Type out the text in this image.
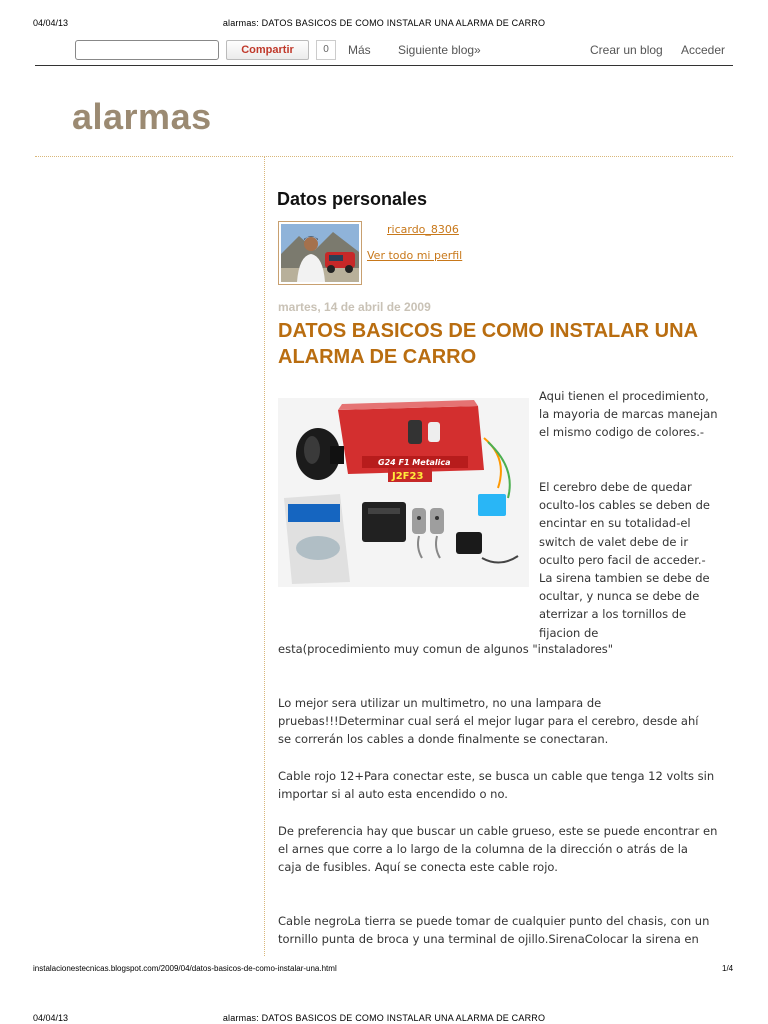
04/04/13	alarmas: DATOS BASICOS DE COMO INSTALAR UNA ALARMA DE CARRO
Compartir	0	Más Siguiente blog»	Crear un blog Acceder
alarmas
Datos personales
ricardo_8306
Ver todo mi perfil
martes, 14 de abril de 2009
DATOS BASICOS DE COMO INSTALAR UNA ALARMA DE CARRO
G24 F1 Metalica
J2F23
Aqui tienen el procedimiento,
la mayoria de marcas manejan
el mismo codigo de colores.-

El cerebro debe de quedar
oculto-los cables se deben de
encintar en su totalidad-el
switch de valet debe de ir
oculto pero facil de acceder.-
La sirena tambien se debe de
ocultar, y nunca se debe de
aterrizar a los tornillos de
fijacion de
esta(procedimiento muy comun de algunos "instaladores"
Lo mejor sera utilizar un multimetro, no una lampara de
pruebas!!!Determinar cual será el mejor lugar para el cerebro, desde ahí
se correrán los cables a donde finalmente se conectaran.
Cable rojo 12+Para conectar este, se busca un cable que tenga 12 volts sin
importar si al auto esta encendido o no.
De preferencia hay que buscar un cable grueso, este se puede encontrar en
el arnes que corre a lo largo de la columna de la dirección o atrás de la
caja de fusibles. Aquí se conecta este cable rojo.
Cable negroLa tierra se puede tomar de cualquier punto del chasis, con un
tornillo punta de broca y una terminal de ojillo.SirenaColocar la sirena en
instalacionestecnicas.blogspot.com/2009/04/datos-basicos-de-como-instalar-una.html	1/4
04/04/13	alarmas: DATOS BASICOS DE COMO INSTALAR UNA ALARMA DE CARRO
